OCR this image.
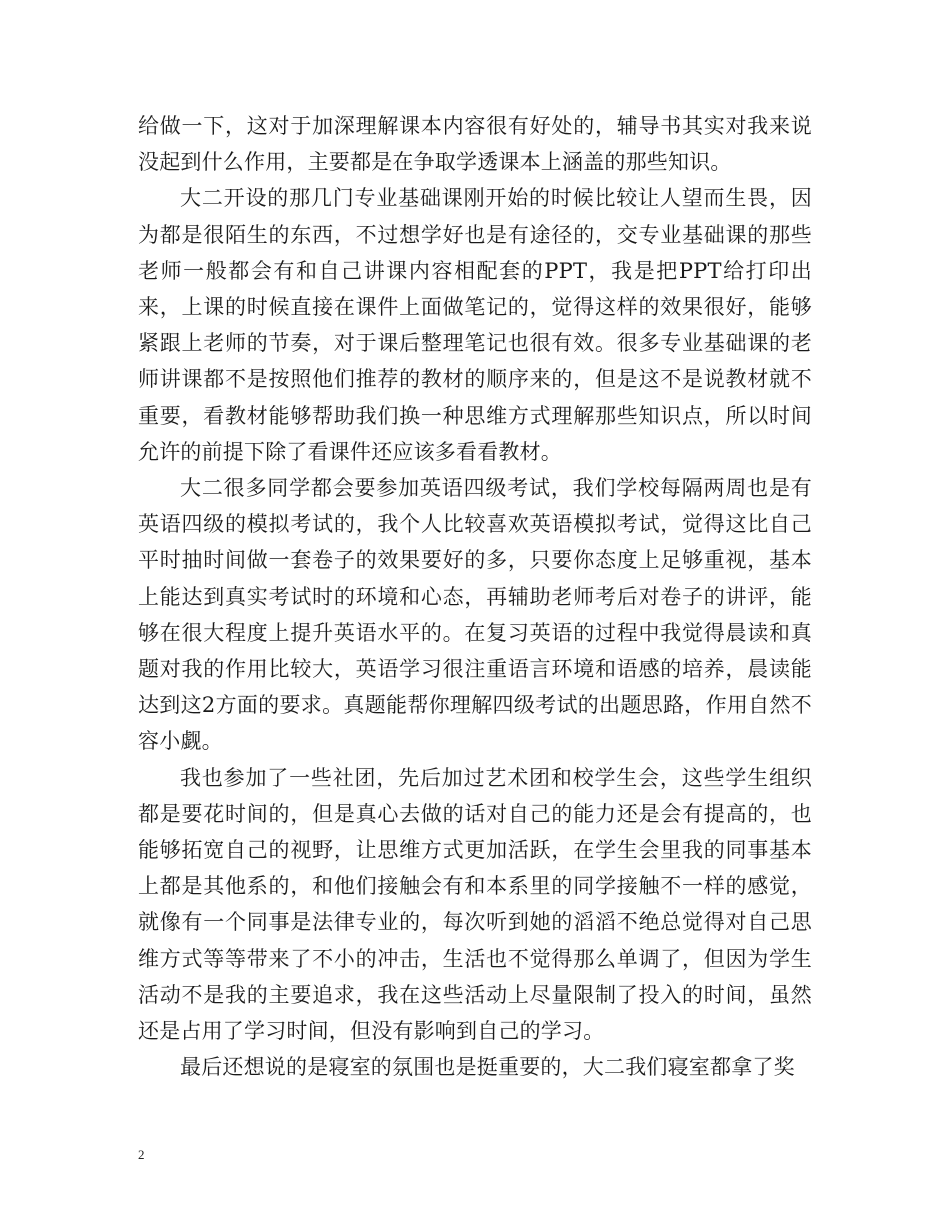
给做一下，这对于加深理解课本内容很有好处的，辅导书其实对我来说没起到什么作用，主要都是在争取学透课本上涵盖的那些知识。

大二开设的那几门专业基础课刚开始的时候比较让人望而生畏，因为都是很陌生的东西，不过想学好也是有途径的，交专业基础课的那些老师一般都会有和自己讲课内容相配套的PPT，我是把PPT给打印出来，上课的时候直接在课件上面做笔记的，觉得这样的效果很好，能够紧跟上老师的节奏，对于课后整理笔记也很有效。很多专业基础课的老师讲课都不是按照他们推荐的教材的顺序来的，但是这不是说教材就不重要，看教材能够帮助我们换一种思维方式理解那些知识点，所以时间允许的前提下除了看课件还应该多看看教材。

大二很多同学都会要参加英语四级考试，我们学校每隔两周也是有英语四级的模拟考试的，我个人比较喜欢英语模拟考试，觉得这比自己平时抽时间做一套卷子的效果要好的多，只要你态度上足够重视，基本上能达到真实考试时的环境和心态，再辅助老师考后对卷子的讲评，能够在很大程度上提升英语水平的。在复习英语的过程中我觉得晨读和真题对我的作用比较大，英语学习很注重语言环境和语感的培养，晨读能达到这2方面的要求。真题能帮你理解四级考试的出题思路，作用自然不容小觑。

我也参加了一些社团，先后加过艺术团和校学生会，这些学生组织都是要花时间的，但是真心去做的话对自己的能力还是会有提高的，也能够拓宽自己的视野，让思维方式更加活跃，在学生会里我的同事基本上都是其他系的，和他们接触会有和本系里的同学接触不一样的感觉，就像有一个同事是法律专业的，每次听到她的滔滔不绝总觉得对自己思维方式等等带来了不小的冲击，生活也不觉得那么单调了，但因为学生活动不是我的主要追求，我在这些活动上尽量限制了投入的时间，虽然还是占用了学习时间，但没有影响到自己的学习。

最后还想说的是寝室的氛围也是挺重要的，大二我们寝室都拿了奖

2
